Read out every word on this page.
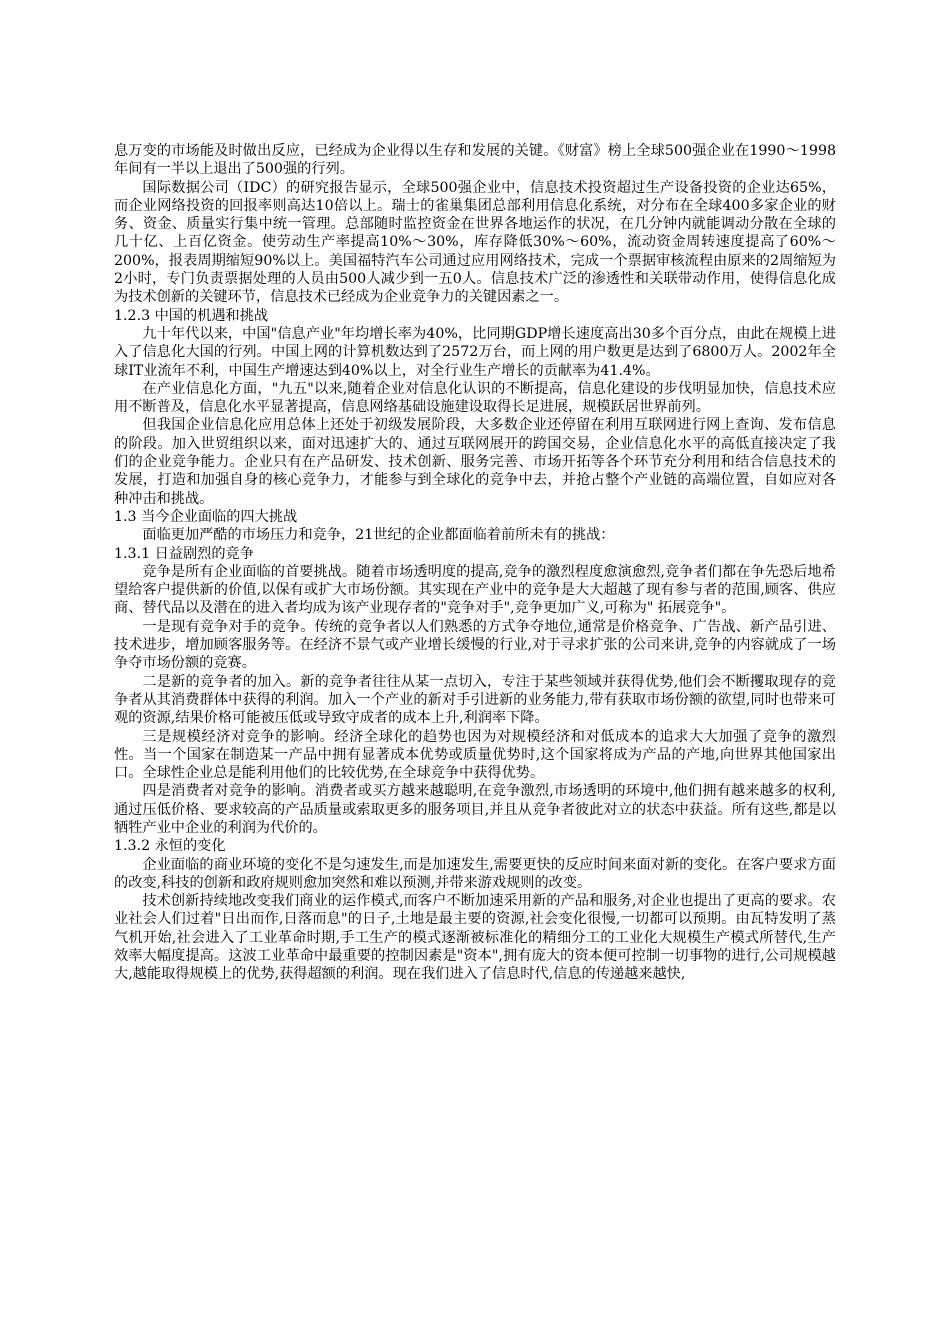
息万变的市场能及时做出反应，已经成为企业得以生存和发展的关键。《财富》榜上全球500强企业在1990～1998年间有一半以上退出了500强的行列。

国际数据公司（IDC）的研究报告显示，全球500强企业中，信息技术投资超过生产设备投资的企业达65%，而企业网络投资的回报率则高达10倍以上。瑞士的雀巢集团总部利用信息化系统，对分布在全球400多家企业的财务、资金、质量实行集中统一管理。总部随时监控资金在世界各地运作的状况，在几分钟内就能调动分散在全球的几十亿、上百亿资金。使劳动生产率提高10%～30%，库存降低30%～60%，流动资金周转速度提高了60%～200%，报表周期缩短90%以上。美国福特汽车公司通过应用网络技术，完成一个票据审核流程由原来的2周缩短为2小时，专门负责票据处理的人员由500人减少到一五0人。信息技术广泛的渗透性和关联带动作用，使得信息化成为技术创新的关键环节，信息技术已经成为企业竞争力的关键因素之一。

1.2.3 中国的机遇和挑战

九十年代以来，中国"信息产业"年均增长率为40%，比同期GDP增长速度高出30多个百分点，由此在规模上进入了信息化大国的行列。中国上网的计算机数达到了2572万台，而上网的用户数更是达到了6800万人。2002年全球IT业流年不利，中国生产增速达到40%以上，对全行业生产增长的贡献率为41.4%。

在产业信息化方面，"九五"以来,随着企业对信息化认识的不断提高，信息化建设的步伐明显加快，信息技术应用不断普及，信息化水平显著提高，信息网络基础设施建设取得长足进展，规模跃居世界前列。

但我国企业信息化应用总体上还处于初级发展阶段，大多数企业还停留在利用互联网进行网上查询、发布信息的阶段。加入世贸组织以来，面对迅速扩大的、通过互联网展开的跨国交易，企业信息化水平的高低直接决定了我们的企业竞争能力。企业只有在产品研发、技术创新、服务完善、市场开拓等各个环节充分利用和结合信息技术的发展，打造和加强自身的核心竞争力，才能参与到全球化的竞争中去，并抢占整个产业链的高端位置，自如应对各种冲击和挑战。

1.3 当今企业面临的四大挑战

面临更加严酷的市场压力和竞争，21世纪的企业都面临着前所未有的挑战：

1.3.1 日益剧烈的竞争

竞争是所有企业面临的首要挑战。随着市场透明度的提高,竞争的激烈程度愈演愈烈,竞争者们都在争先恐后地希望给客户提供新的价值,以保有或扩大市场份额。其实现在产业中的竞争是大大超越了现有参与者的范围,顾客、供应商、替代品以及潜在的进入者均成为该产业现存者的"竞争对手",竞争更加广义,可称为" 拓展竞争"。

一是现有竞争对手的竞争。传统的竞争者以人们熟悉的方式争夺地位,通常是价格竞争、广告战、新产品引进、技术进步，增加顾客服务等。在经济不景气或产业增长缓慢的行业,对于寻求扩张的公司来讲,竞争的内容就成了一场争夺市场份额的竞赛。

二是新的竞争者的加入。新的竞争者往往从某一点切入，专注于某些领域并获得优势,他们会不断攫取现存的竞争者从其消费群体中获得的利润。加入一个产业的新对手引进新的业务能力,带有获取市场份额的欲望,同时也带来可观的资源,结果价格可能被压低或导致守成者的成本上升,利润率下降。

三是规模经济对竞争的影响。经济全球化的趋势也因为对规模经济和对低成本的追求大大加强了竞争的激烈性。当一个国家在制造某一产品中拥有显著成本优势或质量优势时,这个国家将成为产品的产地,向世界其他国家出口。全球性企业总是能利用他们的比较优势,在全球竞争中获得优势。

四是消费者对竞争的影响。消费者或买方越来越聪明,在竞争激烈,市场透明的环境中,他们拥有越来越多的权利,通过压低价格、要求较高的产品质量或索取更多的服务项目,并且从竞争者彼此对立的状态中获益。所有这些,都是以牺牲产业中企业的利润为代价的。

1.3.2 永恒的变化

企业面临的商业环境的变化不是匀速发生,而是加速发生,需要更快的反应时间来面对新的变化。在客户要求方面的改变,科技的创新和政府规则愈加突然和难以预测,并带来游戏规则的改变。

技术创新持续地改变我们商业的运作模式,而客户不断加速采用新的产品和服务,对企业也提出了更高的要求。农业社会人们过着"日出而作,日落而息"的日子,土地是最主要的资源,社会变化很慢,一切都可以预期。由瓦特发明了蒸气机开始,社会进入了工业革命时期,手工生产的模式逐渐被标准化的精细分工的工业化大规模生产模式所替代,生产效率大幅度提高。这波工业革命中最重要的控制因素是"资本",拥有庞大的资本便可控制一切事物的进行,公司规模越大,越能取得规模上的优势,获得超额的利润。现在我们进入了信息时代,信息的传递越来越快,
